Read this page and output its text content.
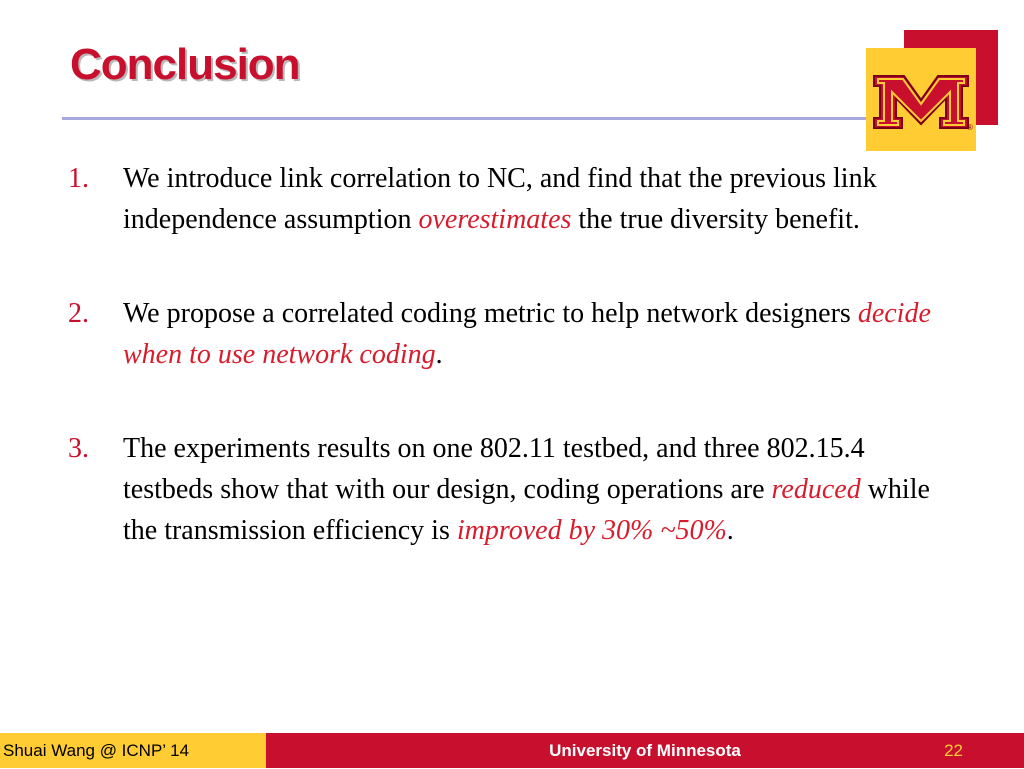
Conclusion
®
1. We introduce link correlation to NC, and find that the previous link independence assumption overestimates the true diversity benefit.
2. We propose a correlated coding metric to help network designers decide when to use network coding.
3. The experiments results on one 802.11 testbed, and three 802.15.4 testbeds show that with our design, coding operations are reduced while the transmission efficiency is improved by 30% ~50%.
Shuai Wang @ ICNP’ 14	University of Minnesota	22
